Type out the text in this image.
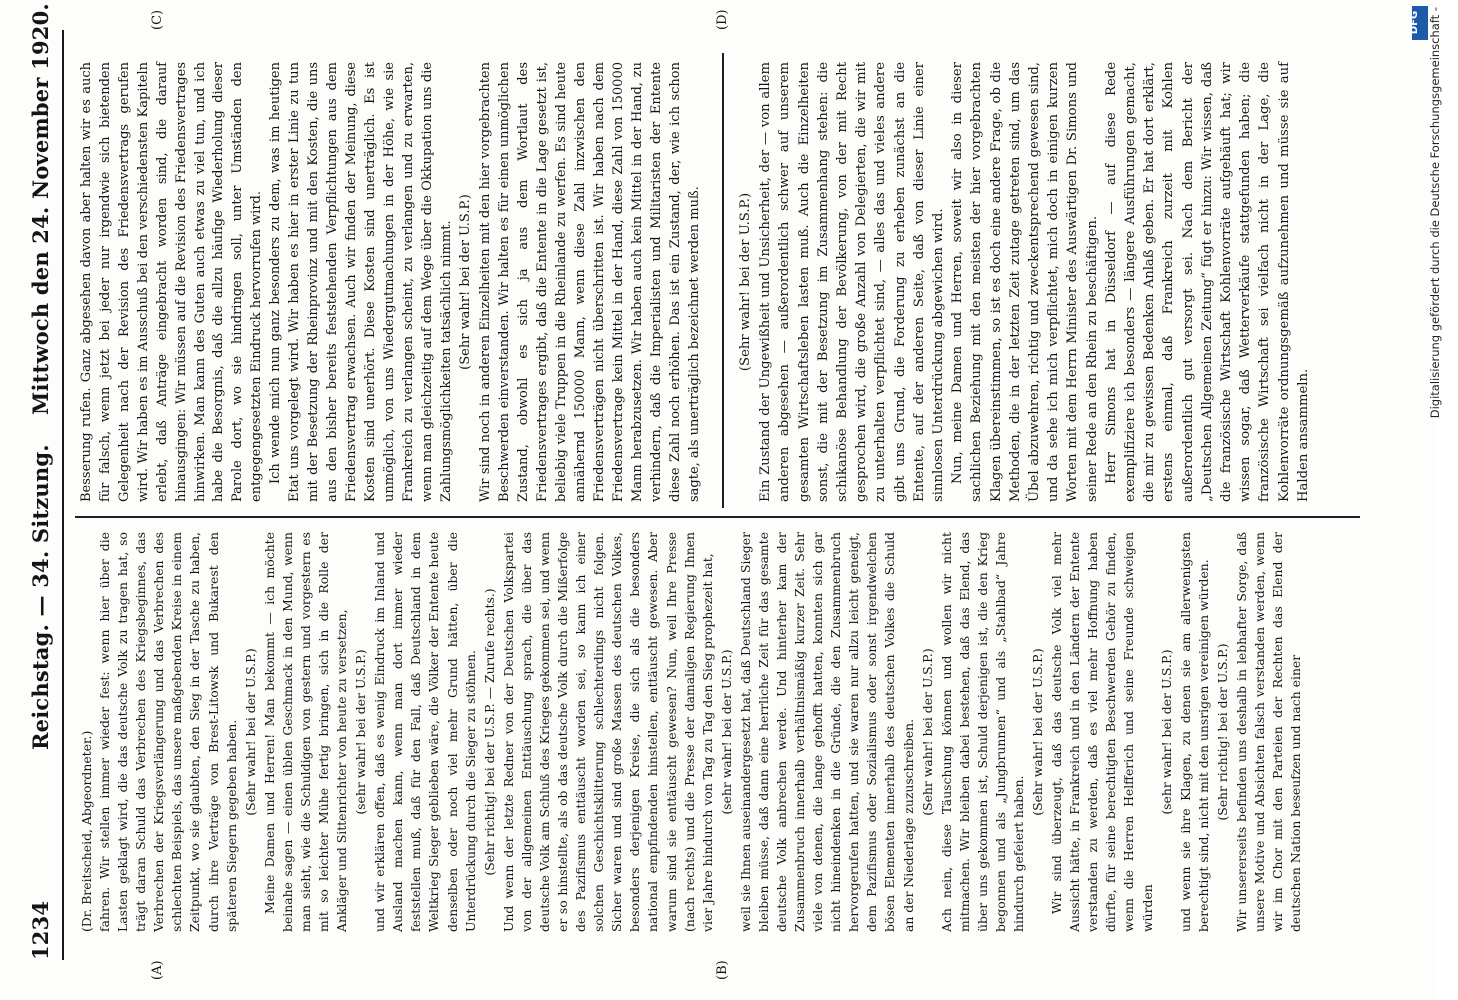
1234
Reichstag. — 34. Sitzung.
Mittwoch den 24. November 1920.
(A)	(B)
(C)	(D)

(Dr. Breitscheid, Abgeordneter.) fahren. Wir stellen immer wieder fest: wenn hier über die Lasten geklagt wird, die das deutsche Volk zu tragen hat, so trägt daran Schuld das Verbrechen des Kriegsbeginnes, das Verbrechen der Kriegsverlängerung und das Verbrechen des schlechten Beispiels, das unsere maßgebenden Kreise in einem Zeitpunkt, wo sie glaubten, den Sieg in der Tasche zu haben, durch ihre Verträge von Brest-Litowsk und Bukarest den späteren Siegern gegeben haben. (Sehr wahr! bei der U.S.P.) Meine Damen und Herren! Man bekommt — ich möchte beinahe sagen — einen üblen Geschmack in den Mund, wenn man sieht, wie die Schuldigen von gestern und vorgestern es mit so leichter Mühe fertig bringen, sich in die Rolle der Ankläger und Sittenrichter von heute zu versetzen, (sehr wahr! bei der U.S.P.) und wir erklären offen, daß es wenig Eindruck im Inland und Ausland machen kann, wenn man dort immer wieder feststellen muß, daß für den Fall, daß Deutschland in dem Weltkrieg Sieger geblieben wäre, die Völker der Entente heute denselben oder noch viel mehr Grund hätten, über die Unterdrückung durch die Sieger zu stöhnen. (Sehr richtig! bei der U.S.P. — Zurufe rechts.) Und wenn der letzte Redner von der Deutschen Volkspartei von der allgemeinen Enttäuschung sprach, die über das deutsche Volk am Schluß des Krieges gekommen sei, und wenn er so hinstellte, als ob das deutsche Volk durch die Mißerfolge des Pazifismus enttäuscht worden sei, so kann ich einer solchen Geschichtsklitterung schlechterdings nicht folgen. Sicher waren und sind große Massen des deutschen Volkes, besonders derjenigen Kreise, die sich als die besonders national empfindenden hinstellen, enttäuscht gewesen. Aber warum sind sie enttäuscht gewesen? Nun, weil Ihre Presse (nach rechts) und die Presse der damaligen Regierung Ihnen vier Jahre hindurch von Tag zu Tag den Sieg prophezeit hat, (sehr wahr! bei der U.S.P.) weil sie Ihnen auseinandergesetzt hat, daß Deutschland Sieger bleiben müsse, daß dann eine herrliche Zeit für das gesamte deutsche Volk anbrechen werde. Und hinterher kam der Zusammenbruch innerhalb verhältnismäßig kurzer Zeit. Sehr viele von denen, die lange gehofft hatten, konnten sich gar nicht hineindenken in die Gründe, die den Zusammenbruch hervorgerufen hatten, und sie waren nur allzu leicht geneigt, dem Pazifismus oder Sozialismus oder sonst irgendwelchen bösen Elementen innerhalb des deutschen Volkes die Schuld an der Niederlage zuzuschreiben. (Sehr wahr! bei der U.S.P.) Ach nein, diese Täuschung können und wollen wir nicht mitmachen. Wir bleiben dabei bestehen, daß das Elend, das über uns gekommen ist, Schuld derjenigen ist, die den Krieg begonnen und als „Jungbrunnen“ und als „Stahlbad“ Jahre hindurch gefeiert haben.

(Sehr wahr! bei der U.S.P.) Wir sind überzeugt, daß das deutsche Volk viel mehr Aussicht hätte, in Frankreich und in den Ländern der Entente verstanden zu werden, daß es viel mehr Hoffnung haben dürfte, für seine berechtigten Beschwerden Gehör zu finden, wenn die Herren Helfferich und seine Freunde schweigen würden

(sehr wahr! bei der U.S.P.) und wenn sie ihre Klagen, zu denen sie am allerwenigsten berechtigt sind, nicht mit den unsrigen vereinigen würden. (Sehr richtig! bei der U.S.P.) Wir unsererseits befinden uns deshalb in lebhafter Sorge, daß unsere Motive und Absichten falsch verstanden werden, wenn wir im Chor mit den Parteien der Rechten das Elend der deutschen Nation beseufzen und nach einer

Besserung rufen. Ganz abgesehen davon aber halten wir es auch für falsch, wenn jetzt bei jeder nur irgendwie sich bietenden Gelegenheit nach der Revision des Friedensvertrags gerufen wird. Wir haben es im Ausschuß bei den verschiedensten Kapiteln erlebt, daß Anträge eingebracht worden sind, die darauf hinausgingen: Wir müssen auf die Revision des Friedensvertrages hinwirken. Man kann des Guten auch etwas zu viel tun, und ich habe die Besorgnis, daß die allzu häufige Wiederholung dieser Parole dort, wo sie hindringen soll, unter Umständen den entgegengesetzten Eindruck hervorrufen wird. Ich wende mich nun ganz besonders zu dem, was im heutigen Etat uns vorgelegt wird. Wir haben es hier in erster Linie zu tun mit der Besetzung der Rheinprovinz und mit den Kosten, die uns aus den bisher bereits feststehenden Verpflichtungen aus dem Friedensvertrag erwachsen. Auch wir finden der Meinung, diese Kosten sind unerhört. Diese Kosten sind unerträglich. Es ist unmöglich, von uns Wiedergutmachungen in der Höhe, wie sie Frankreich zu verlangen scheint, zu verlangen und zu erwarten, wenn man gleichzeitig auf dem Wege über die Okkupation uns die Zahlungsmöglichkeiten tatsächlich nimmt. (Sehr wahr! bei der U.S.P.) Wir sind noch in anderen Einzelheiten mit den hier vorgebrachten Beschwerden einverstanden. Wir halten es für einen unmöglichen Zustand, obwohl es sich ja aus dem Wortlaut des Friedensvertrages ergibt, daß die Entente in die Lage gesetzt ist, beliebig viele Truppen in die Rheinlande zu werfen. Es sind heute annähernd 150000 Mann, wenn diese Zahl inzwischen den Friedensverträgen nicht überschritten ist. Wir haben nach dem Friedensvertrage kein Mittel in der Hand, diese Zahl von 150000 Mann herabzusetzen. Wir haben auch kein Mittel in der Hand, zu verhindern, daß die Imperialisten und Militaristen der Entente diese Zahl noch erhöhen. Das ist ein Zustand, der, wie ich schon sagte, als unerträglich bezeichnet werden muß.	(Sehr wahr! bei der U.S.P.) Ein Zustand der Ungewißheit und Unsicherheit, der — von allem anderen abgesehen — außerordentlich schwer auf unserem gesamten Wirtschaftsleben lasten muß. Auch die Einzelheiten sonst, die mit der Besetzung im Zusammenhang stehen: die schikanöse Behandlung der Bevölkerung, von der mit Recht gesprochen wird, die große Anzahl von Delegierten, die wir mit zu unterhalten verpflichtet sind, — alles das und vieles andere gibt uns Grund, die Forderung zu erheben zunächst an die Entente, auf der anderen Seite, daß von dieser Linie einer sinnlosen Unterdrückung abgewichen wird. Nun, meine Damen und Herren, soweit wir also in dieser sachlichen Beziehung mit den meisten der hier vorgebrachten Klagen übereinstimmen, so ist es doch eine andere Frage, ob die Methoden, die in der letzten Zeit zutage getreten sind, um das Übel abzuwehren, richtig und zweckentsprechend gewesen sind, und da sehe ich mich verpflichtet, mich doch in einigen kurzen Worten mit dem Herrn Minister des Auswärtigen Dr. Simons und seiner Rede an den Rhein zu beschäftigen. Herr Simons hat in Düsseldorf — auf diese Rede exemplifiziere ich besonders — längere Ausführungen gemacht, die mir zu gewissen Bedenken Anlaß geben. Er hat dort erklärt, erstens einmal, daß Frankreich zurzeit mit Kohlen außerordentlich gut versorgt sei. Nach dem Bericht der „Deutschen Allgemeinen Zeitung“ fügt er hinzu: Wir wissen, daß die französische Wirtschaft Kohlenvorräte aufgehäuft hat; wir wissen sogar, daß Wetterverkäufe stattgefunden haben; die französische Wirtschaft sei vielfach nicht in der Lage, die Kohlenvorräte ordnungsgemäß aufzunehmen und müsse sie auf Halden ansammeln.

Digitalisierung gefördert durch die Deutsche Forschungsgemeinschaft -
DFG
